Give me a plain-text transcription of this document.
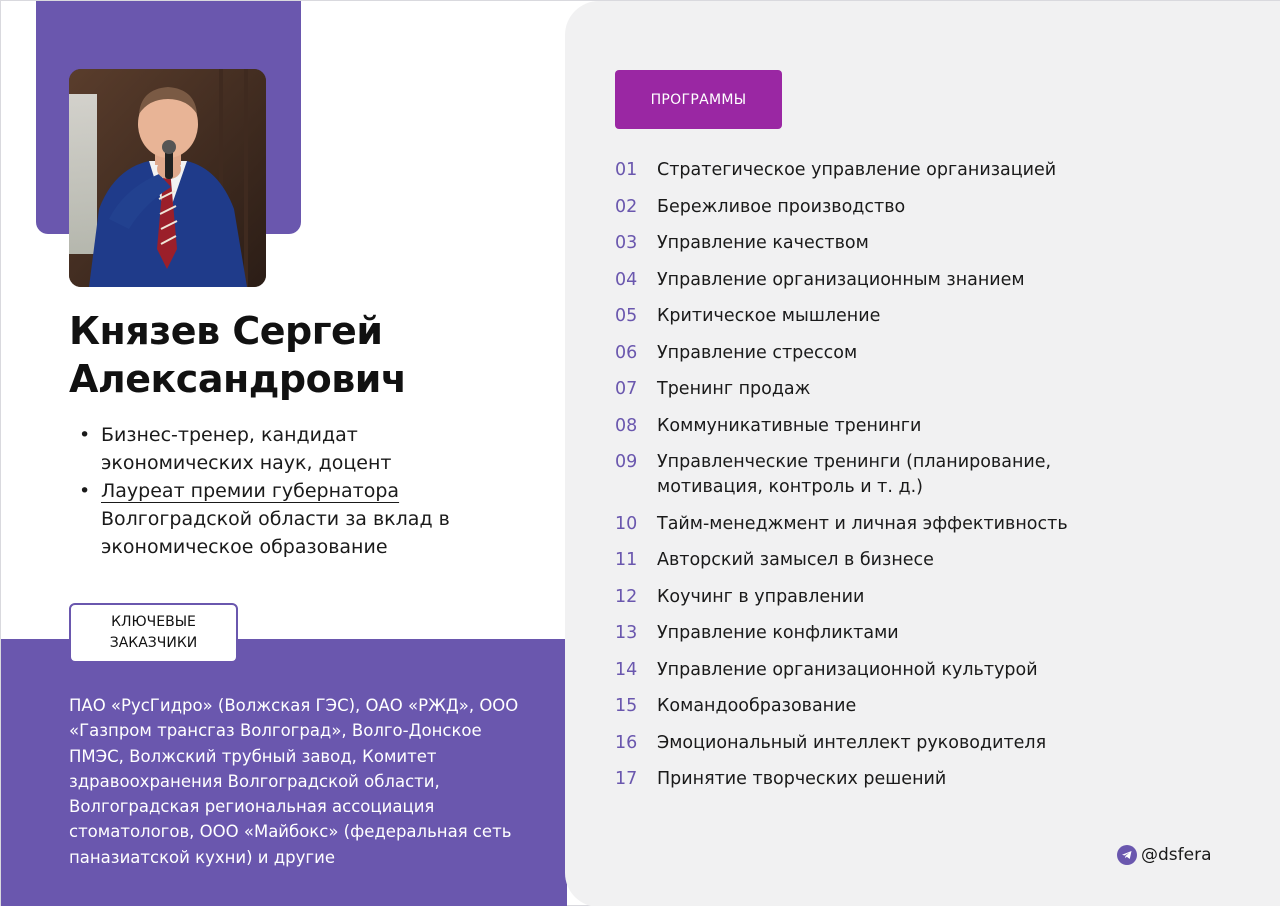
Князев Сергей
Александрович
• Бизнес-тренер, кандидат экономических наук, доцент
• Лауреат премии губернатора
Волгоградской области за вклад в экономическое образование
КЛЮЧЕВЫЕ
ЗАКАЗЧИКИ
ПАО «РусГидро» (Волжская ГЭС), ОАО «РЖД», ООО «Газпром трансгаз Волгоград», Волго-Донское ПМЭС, Волжский трубный завод, Комитет здравоохранения Волгоградской области, Волгоградская региональная ассоциация стоматологов, ООО «Майбокс» (федеральная сеть паназиатской кухни) и другие
ПРОГРАММЫ
01	Стратегическое управление организацией
02	Бережливое производство
03	Управление качеством
04	Управление организационным знанием
05	Критическое мышление
06	Управление стрессом
07	Тренинг продаж
08	Коммуникативные тренинги
09	Управленческие тренинги (планирование, мотивация, контроль и т. д.)
10	Тайм-менеджмент и личная эффективность
11	Авторский замысел в бизнесе
12	Коучинг в управлении
13	Управление конфликтами
14	Управление организационной культурой
15	Командообразование
16	Эмоциональный интеллект руководителя
17	Принятие творческих решений
@dsfera
